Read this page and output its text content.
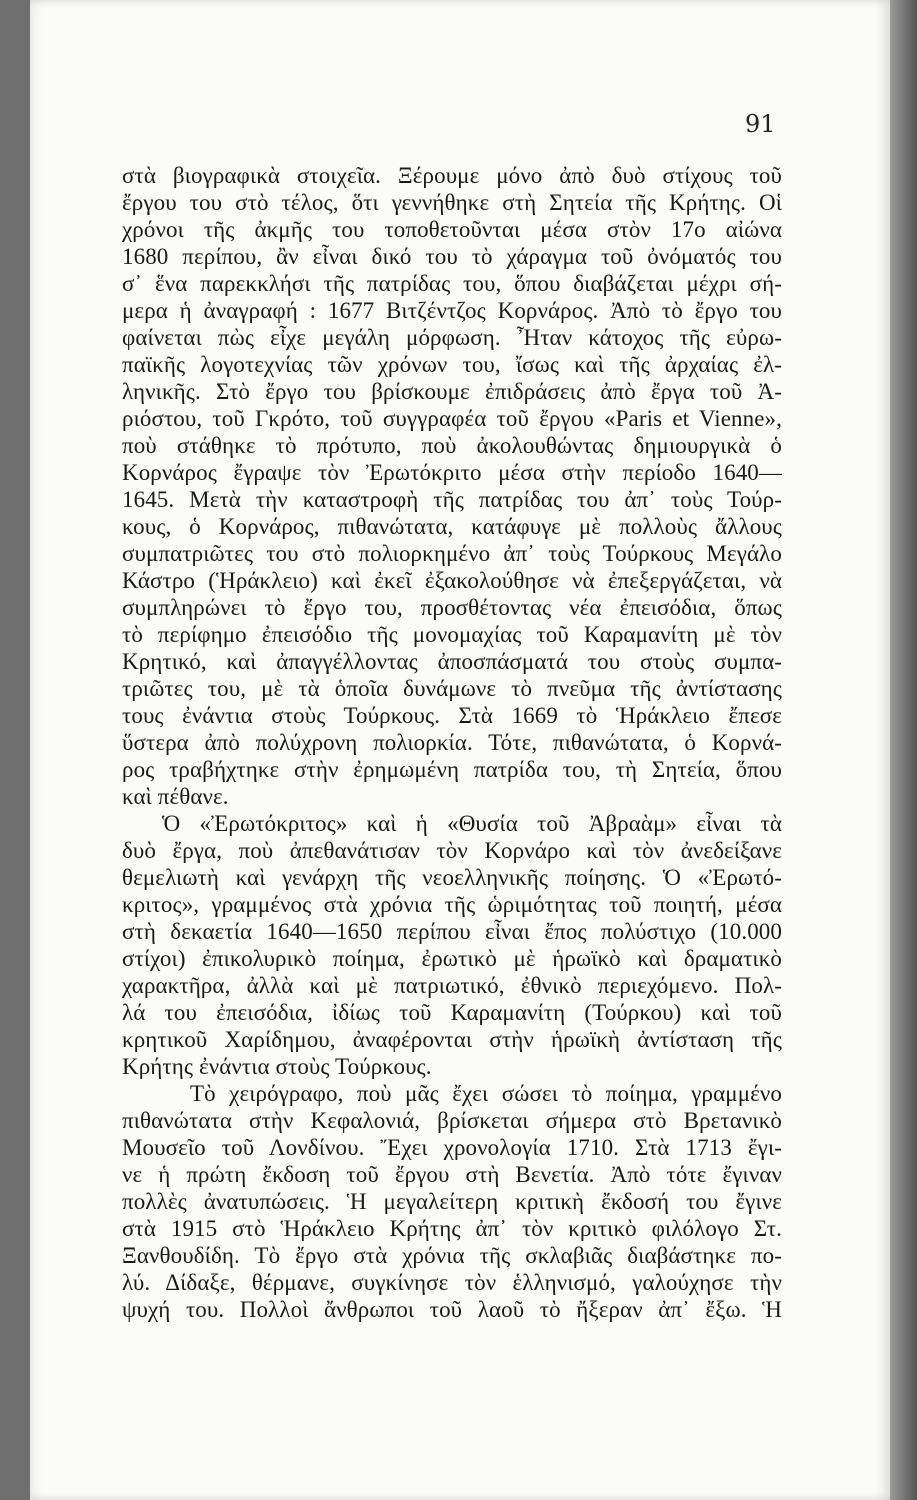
91
στὰ βιογραφικὰ στοιχεῖα. Ξέρουμε μόνο ἀπὸ δυὸ στίχους τοῦ
ἔργου του στὸ τέλος, ὅτι γεννήθηκε στὴ Σητεία τῆς Κρήτης. Οἱ
χρόνοι τῆς ἀκμῆς του τοποθετοῦνται μέσα στὸν 17ο αἰώνα
1680 περίπου, ἂν εἶναι δικό του τὸ χάραγμα τοῦ ὀνόματός του
σ᾽ ἕνα παρεκκλήσι τῆς πατρίδας του, ὅπου διαβάζεται μέχρι σή-
μερα ἡ ἀναγραφή : 1677 Βιτζέντζος Κορνάρος. Ἀπὸ τὸ ἔργο του
φαίνεται πὼς εἶχε μεγάλη μόρφωση. Ἦταν κάτοχος τῆς εὐρω-
παϊκῆς λογοτεχνίας τῶν χρόνων του, ἴσως καὶ τῆς ἀρχαίας ἐλ-
ληνικῆς. Στὸ ἔργο του βρίσκουμε ἐπιδράσεις ἀπὸ ἔργα τοῦ Ἀ-
ριόστου, τοῦ Γκρότο, τοῦ συγγραφέα τοῦ ἔργου «Paris et Vienne»,
ποὺ στάθηκε τὸ πρότυπο, ποὺ ἀκολουθώντας δημιουργικὰ ὁ
Κορνάρος ἔγραψε τὸν Ἐρωτόκριτο μέσα στὴν περίοδο 1640—
1645. Μετὰ τὴν καταστροφὴ τῆς πατρίδας του ἀπ᾽ τοὺς Τούρ-
κους, ὁ Κορνάρος, πιθανώτατα, κατάφυγε μὲ πολλοὺς ἄλλους
συμπατριῶτες του στὸ πολιορκημένο ἀπ᾽ τοὺς Τούρκους Μεγάλο
Κάστρο (Ἡράκλειο) καὶ ἐκεῖ ἐξακολούθησε νὰ ἐπεξεργάζεται, νὰ
συμπληρώνει τὸ ἔργο του, προσθέτοντας νέα ἐπεισόδια, ὅπως
τὸ περίφημο ἐπεισόδιο τῆς μονομαχίας τοῦ Καραμανίτη μὲ τὸν
Κρητικό, καὶ ἀπαγγέλλοντας ἀποσπάσματά του στοὺς συμπα-
τριῶτες του, μὲ τὰ ὁποῖα δυνάμωνε τὸ πνεῦμα τῆς ἀντίστασης
τους ἐνάντια στοὺς Τούρκους. Στὰ 1669 τὸ Ἡράκλειο ἔπεσε
ὕστερα ἀπὸ πολύχρονη πολιορκία. Τότε, πιθανώτατα, ὁ Κορνά-
ρος τραβήχτηκε στὴν ἐρημωμένη πατρίδα του, τὴ Σητεία, ὅπου
καὶ πέθανε.
Ὁ «Ἐρωτόκριτος» καὶ ἡ «Θυσία τοῦ Ἀβραὰμ» εἶναι τὰ
δυὸ ἔργα, ποὺ ἀπεθανάτισαν τὸν Κορνάρο καὶ τὸν ἀνεδείξανε
θεμελιωτὴ καὶ γενάρχη τῆς νεοελληνικῆς ποίησης. Ὁ «Ἐρωτό-
κριτος», γραμμένος στὰ χρόνια τῆς ὡριμότητας τοῦ ποιητή, μέσα
στὴ δεκαετία 1640—1650 περίπου εἶναι ἔπος πολύστιχο (10.000
στίχοι) ἐπικολυρικὸ ποίημα, ἐρωτικὸ μὲ ἡρωϊκὸ καὶ δραματικὸ
χαρακτῆρα, ἀλλὰ καὶ μὲ πατριωτικό, ἐθνικὸ περιεχόμενο. Πολ-
λά του ἐπεισόδια, ἰδίως τοῦ Καραμανίτη (Τούρκου) καὶ τοῦ
κρητικοῦ Χαρίδημου, ἀναφέρονται στὴν ἡρωϊκὴ ἀντίσταση τῆς
Κρήτης ἐνάντια στοὺς Τούρκους.
Τὸ χειρόγραφο, ποὺ μᾶς ἔχει σώσει τὸ ποίημα, γραμμένο
πιθανώτατα στὴν Κεφαλονιά, βρίσκεται σήμερα στὸ Βρετανικὸ
Μουσεῖο τοῦ Λονδίνου. Ἔχει χρονολογία 1710. Στὰ 1713 ἔγι-
νε ἡ πρώτη ἔκδοση τοῦ ἔργου στὴ Βενετία. Ἀπὸ τότε ἔγιναν
πολλὲς ἀνατυπώσεις. Ἡ μεγαλείτερη κριτικὴ ἔκδοσή του ἔγινε
στὰ 1915 στὸ Ἡράκλειο Κρήτης ἀπ᾽ τὸν κριτικὸ φιλόλογο Στ.
Ξανθουδίδη. Τὸ ἔργο στὰ χρόνια τῆς σκλαβιᾶς διαβάστηκε πο-
λύ. Δίδαξε, θέρμανε, συγκίνησε τὸν ἑλληνισμό, γαλούχησε τὴν
ψυχή του. Πολλοὶ ἄνθρωποι τοῦ λαοῦ τὸ ἤξεραν ἀπ᾽ ἔξω. Ἡ
